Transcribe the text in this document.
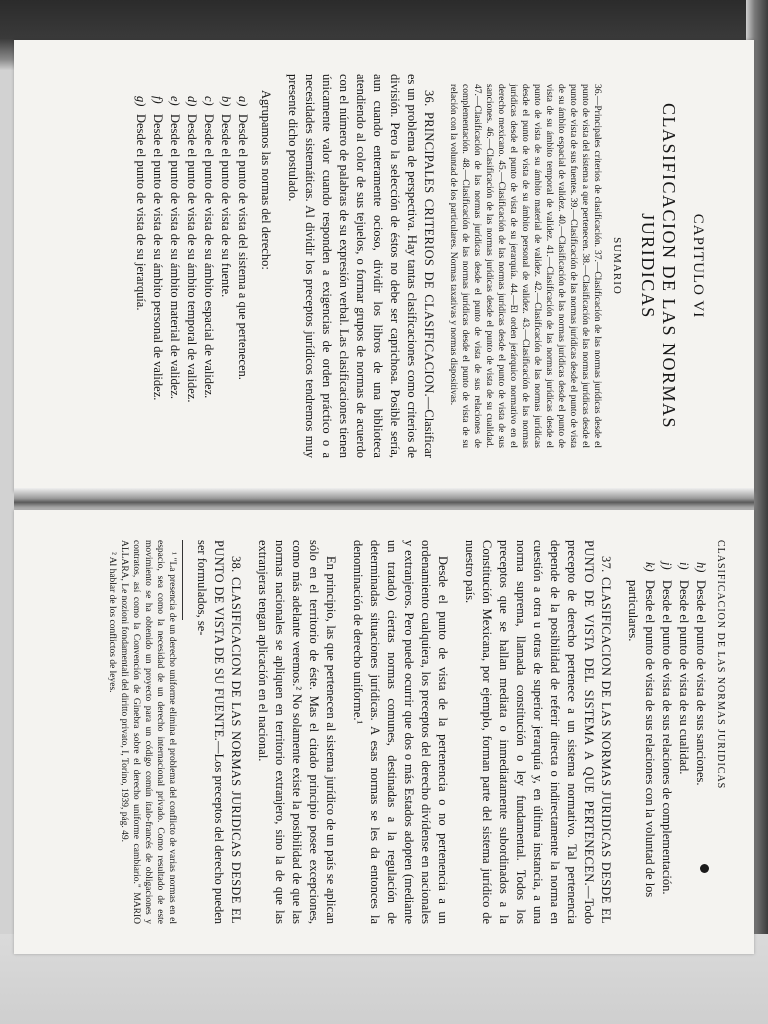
CAPITULO VI
CLASIFICACION DE LAS NORMAS JURIDICAS
SUMARIO
36.—Principales criterios de clasificación. 37.—Clasificación de las normas jurídicas desde el punto de vista del sistema a que pertenecen. 38.—Clasificación de las normas jurídicas desde el punto de vista de sus fuentes. 39.—Clasificación de las normas jurídicas desde el punto de vista de su ámbito espacial de validez. 40.—Clasificación de las normas jurídicas desde el punto de vista de su ámbito temporal de validez. 41.—Clasificación de las normas jurídicas desde el punto de vista de su ámbito material de validez. 42.—Clasificación de las normas jurídicas desde el punto de vista de su ámbito personal de validez. 43.—Clasificación de las normas jurídicas desde el punto de vista de su jerarquía. 44.—El orden jerárquico normativo en el derecho mexicano. 45.—Clasificación de las normas jurídicas desde el punto de vista de sus sanciones. 46.—Clasificación de las normas jurídicas desde el punto de vista de su cualidad. 47.—Clasificación de las normas jurídicas desde el punto de vista de sus relaciones de complementación. 48.—Clasificación de las normas jurídicas desde el punto de vista de su relación con la voluntad de los particulares. Normas taxativas y normas dispositivas.

36. PRINCIPALES CRITERIOS DE CLASIFICACION.—Clasificar es un problema de perspectiva. Hay tantas clasificaciones como criterios de división. Pero la selección de éstos no debe ser caprichosa. Posible sería, aun cuando enteramente ocioso, dividir los libros de una biblioteca atendiendo al color de sus tejuelos, o formar grupos de normas de acuerdo con el número de palabras de su expresión verbal. Las clasificaciones tienen únicamente valor cuando responden a exigencias de orden práctico o a necesidades sistemáticas. Al dividir los preceptos jurídicos tendremos muy presente dicho postulado.

Agrupamos las normas del derecho:

a)Desde el punto de vista del sistema a que pertenecen.
b)Desde el punto de vista de su fuente.
c)Desde el punto de vista de su ámbito espacial de validez.
d)Desde el punto de vista de su ámbito temporal de validez.
e)Desde el punto de vista de su ámbito material de validez.
f)Desde el punto de vista de su ámbito personal de validez.
g)Desde el punto de vista de su jerarquía.
CLASIFICACION DE LAS NORMAS JURIDICAS
h)Desde el punto de vista de sus sanciones.
i)Desde el punto de vista de su cualidad.
j)Desde el punto de vista de sus relaciones de complementación.
k)Desde el punto de vista de sus relaciones con la voluntad de los particulares.

37. CLASIFICACION DE LAS NORMAS JURIDICAS DESDE EL PUNTO DE VISTA DEL SISTEMA A QUE PERTENECEN.—Todo precepto de derecho pertenece a un sistema normativo. Tal pertenencia depende de la posibilidad de referir directa o indirectamente la norma en cuestión a otra u otras de superior jerarquía y, en última instancia, a una norma suprema, llamada constitución o ley fundamental. Todos los preceptos que se hallan mediata o inmediatamente subordinados a la Constitución Mexicana, por ejemplo, forman parte del sistema jurídico de nuestro país.

Desde el punto de vista de la pertenencia o no pertenencia a un ordenamiento cualquiera, los preceptos del derecho divídense en nacionales y extranjeros. Pero puede ocurrir que dos o más Estados adopten (mediante un tratado) ciertas normas comunes, destinadas a la regulación de determinadas situaciones jurídicas. A esas normas se les da entonces la denominación de derecho uniforme.¹

En principio, las que pertenecen al sistema jurídico de un país se aplican sólo en el territorio de éste. Mas el citado principio posee excepciones, como más adelante veremos.² No solamente existe la posibilidad de que las normas nacionales se apliquen en territorio extranjero, sino la de que las extranjeras tengan aplicación en el nacional.

38. CLASIFICACION DE LAS NORMAS JURIDICAS DESDE EL PUNTO DE VISTA DE SU FUENTE.—Los preceptos del derecho pueden ser formulados, se-

¹ "La presencia de un derecho uniforme elimina el problema del conflicto de varias normas en el espacio, sea como la necesidad de un derecho internacional privado. Como resultado de este movimiento se ha obtenido un proyecto para un código común ítalo-francés de obligaciones y contratos, así como la Convención de Ginebra sobre el derecho uniforme cambiario." MARIO ALLARA, Le nozioni fondamentali del diritto privato, I, Torino, 1939, pág. 49.

² Al hablar de los conflictos de leyes.
